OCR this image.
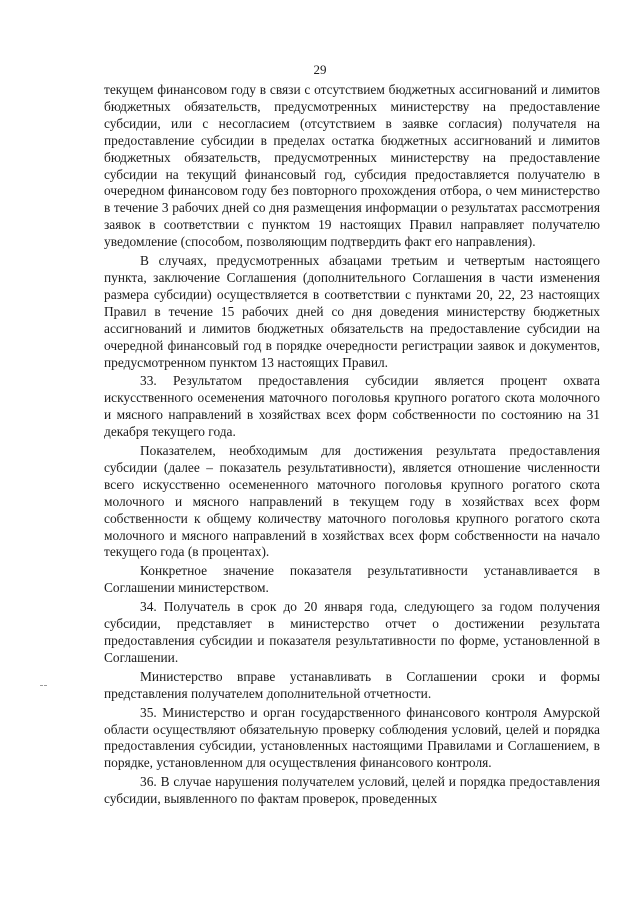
29

текущем финансовом году в связи с отсутствием бюджетных ассигнований и лимитов бюджетных обязательств, предусмотренных министерству на предоставление субсидии, или с несогласием (отсутствием в заявке согласия) получателя на предоставление субсидии в пределах остатка бюджетных ассигнований и лимитов бюджетных обязательств, предусмотренных министерству на предоставление субсидии на текущий финансовый год, субсидия предоставляется получателю в очередном финансовом году без повторного прохождения отбора, о чем министерство в течение 3 рабочих дней со дня размещения информации о результатах рассмотрения заявок в соответствии с пунктом 19 настоящих Правил направляет получателю уведомление (способом, позволяющим подтвердить факт его направления).

В случаях, предусмотренных абзацами третьим и четвертым настоящего пункта, заключение Соглашения (дополнительного Соглашения в части изменения размера субсидии) осуществляется в соответствии с пунктами 20, 22, 23 настоящих Правил в течение 15 рабочих дней со дня доведения министерству бюджетных ассигнований и лимитов бюджетных обязательств на предоставление субсидии на очередной финансовый год в порядке очередности регистрации заявок и документов, предусмотренном пунктом 13 настоящих Правил.

33. Результатом предоставления субсидии является процент охвата искусственного осеменения маточного поголовья крупного рогатого скота молочного и мясного направлений в хозяйствах всех форм собственности по состоянию на 31 декабря текущего года.

Показателем, необходимым для достижения результата предоставления субсидии (далее – показатель результативности), является отношение численности всего искусственно осемененного маточного поголовья крупного рогатого скота молочного и мясного направлений в текущем году в хозяйствах всех форм собственности к общему количеству маточного поголовья крупного рогатого скота молочного и мясного направлений в хозяйствах всех форм собственности на начало текущего года (в процентах).

Конкретное значение показателя результативности устанавливается в Соглашении министерством.

34. Получатель в срок до 20 января года, следующего за годом получения субсидии, представляет в министерство отчет о достижении результата предоставления субсидии и показателя результативности по форме, установленной в Соглашении.

Министерство вправе устанавливать в Соглашении сроки и формы представления получателем дополнительной отчетности.

35. Министерство и орган государственного финансового контроля Амурской области осуществляют обязательную проверку соблюдения условий, целей и порядка предоставления субсидии, установленных настоящими Правилами и Соглашением, в порядке, установленном для осуществления финансового контроля.

36. В случае нарушения получателем условий, целей и порядка предоставления субсидии, выявленного по фактам проверок, проведенных
